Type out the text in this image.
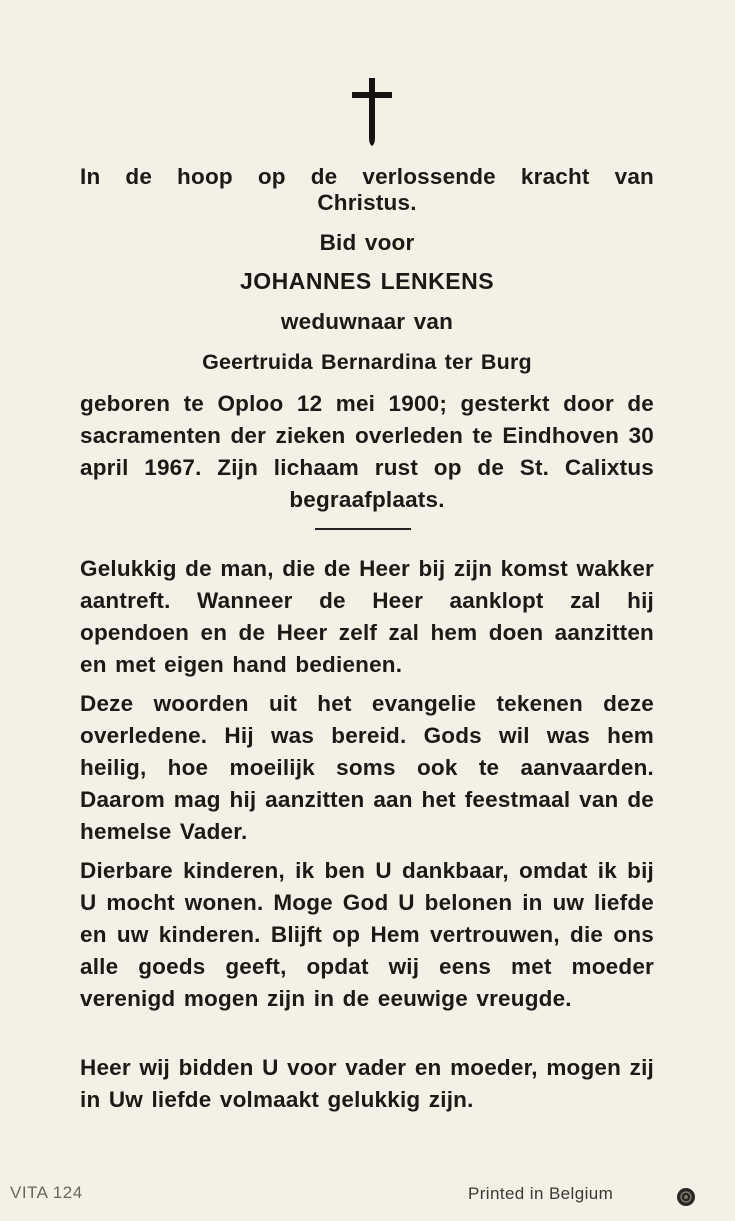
In de hoop op de verlossende kracht van
Christus.
Bid voor
JOHANNES LENKENS
weduwnaar van
Geertruida Bernardina ter Burg
geboren te Oploo 12 mei 1900; gesterkt door de sacramenten der zieken overleden te Eindhoven 30 april 1967. Zijn lichaam rust op de St. Calixtus begraafplaats.
Gelukkig de man, die de Heer bij zijn komst wakker aantreft. Wanneer de Heer aanklopt zal hij opendoen en de Heer zelf zal hem doen aanzitten en met eigen hand bedienen.
Deze woorden uit het evangelie tekenen deze overledene. Hij was bereid. Gods wil was hem heilig, hoe moeilijk soms ook te aanvaarden. Daarom mag hij aanzitten aan het feestmaal van de hemelse Vader.
Dierbare kinderen, ik ben U dankbaar, omdat ik bij U mocht wonen. Moge God U belonen in uw liefde en uw kinderen. Blijft op Hem vertrouwen, die ons alle goeds geeft, opdat wij eens met moeder verenigd mogen zijn in de eeuwige vreugde.
Heer wij bidden U voor vader en moeder, mogen zij in Uw liefde volmaakt gelukkig zijn.
VITA 124	Printed in Belgium
